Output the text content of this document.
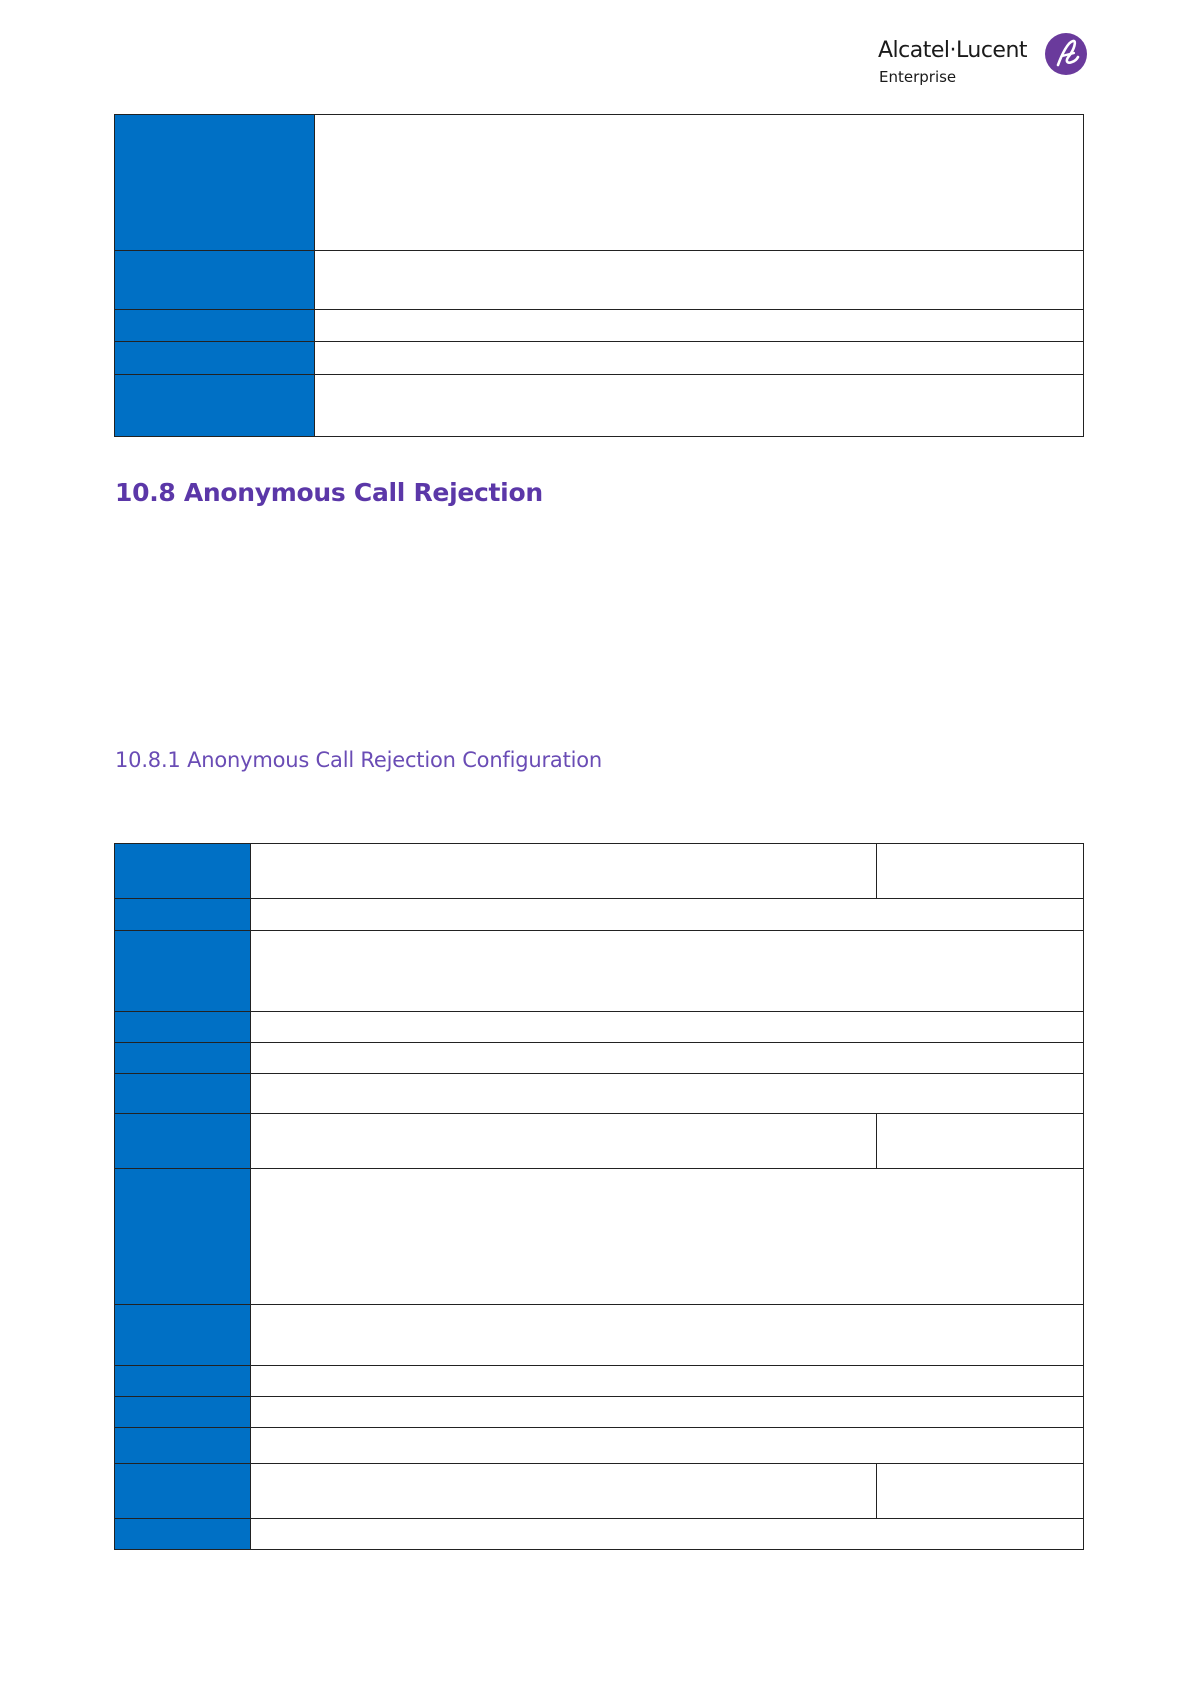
Alcatel·Lucent
Enterprise

10.8 Anonymous Call Rejection
10.8.1 Anonymous Call Rejection Configuration
